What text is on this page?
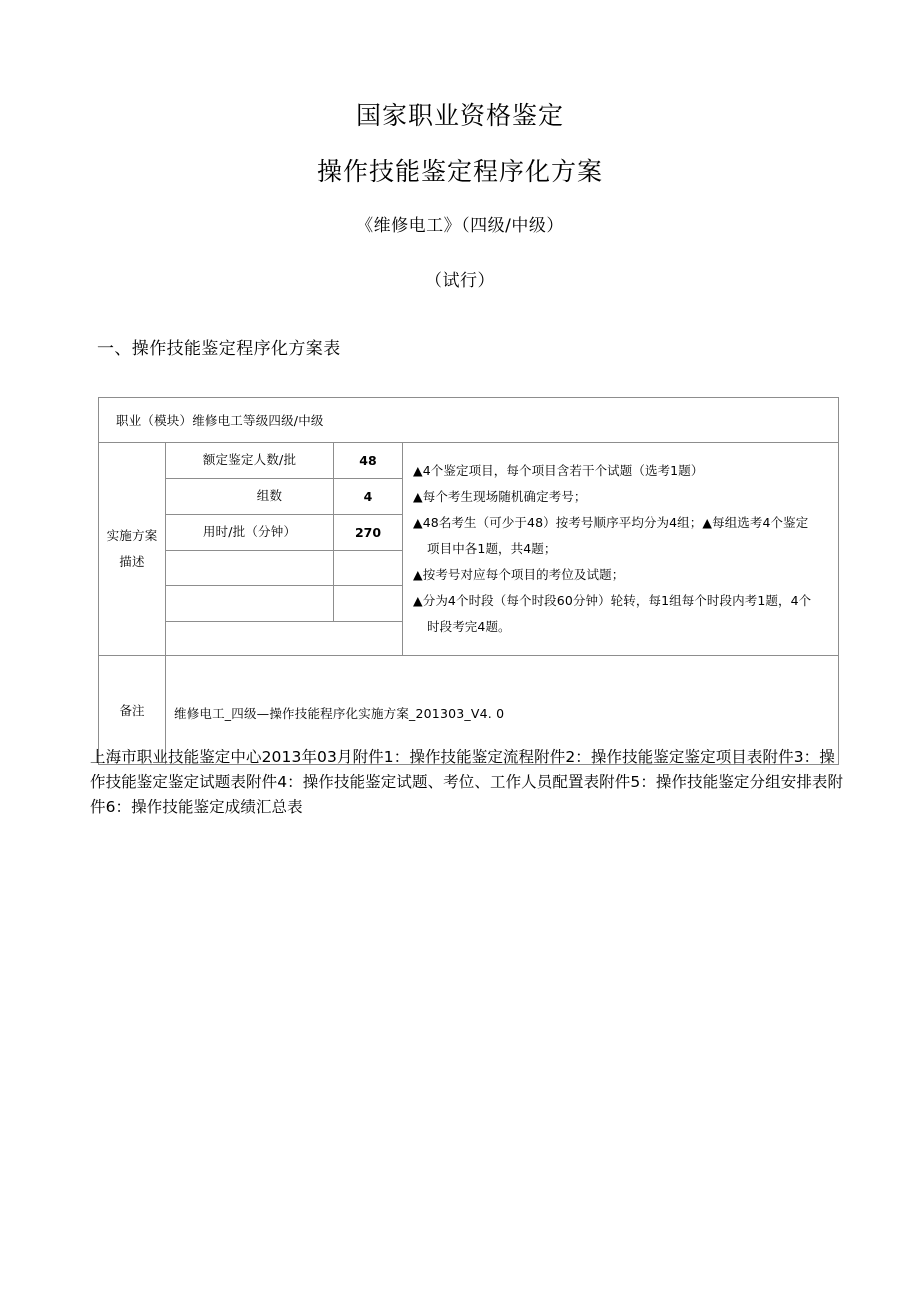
国家职业资格鉴定
操作技能鉴定程序化方案
《维修电工》（四级/中级）
（试行）
一、操作技能鉴定程序化方案表
职业（模块）维修电工等级四级/中级			

实施方案
描述
	额定鉴定人数/批	48	
▲4个鉴定项目，每个项目含若干个试题（选考1题）
▲每个考生现场随机确定考号；
▲48名考生（可少于48）按考号顺序平均分为4组；▲每组选考4个鉴定
项目中各1题，共4题；
▲按考号对应每个项目的考位及试题；
▲分为4个时段（每个时段60分钟）轮转，每1组每个时段内考1题，4个
时段考完4题。

	组数	4	
	用时/批（分钟）	270	

备注	维修电工_四级—操作技能程序化实施方案_201303_V4. 0		
上海市职业技能鉴定中心2013年03月附件1：操作技能鉴定流程附件2：操作技能鉴定鉴定项目表附件3：操作技能鉴定鉴定试题表附件4：操作技能鉴定试题、考位、工作人员配置表附件5：操作技能鉴定分组安排表附件6：操作技能鉴定成绩汇总表
